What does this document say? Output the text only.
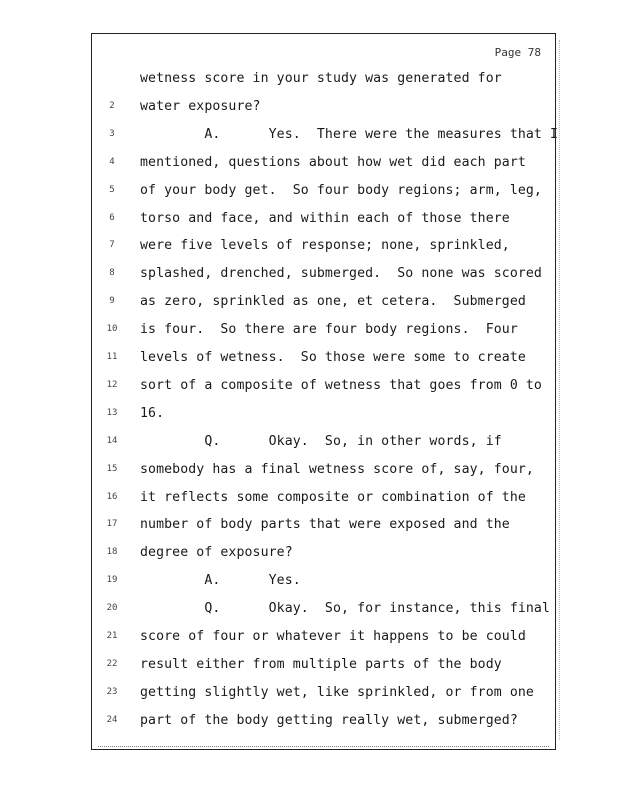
Page 78
wetness score in your study was generated for
2	water exposure?
3	A.      Yes.  There were the measures that I
4	mentioned, questions about how wet did each part
5	of your body get.  So four body regions; arm, leg,
6	torso and face, and within each of those there
7	were five levels of response; none, sprinkled,
8	splashed, drenched, submerged.  So none was scored
9	as zero, sprinkled as one, et cetera.  Submerged
10	is four.  So there are four body regions.  Four
11	levels of wetness.  So those were some to create
12	sort of a composite of wetness that goes from 0 to
13	16.
14	Q.      Okay.  So, in other words, if
15	somebody has a final wetness score of, say, four,
16	it reflects some composite or combination of the
17	number of body parts that were exposed and the
18	degree of exposure?
19	A.      Yes.
20	Q.      Okay.  So, for instance, this final
21	score of four or whatever it happens to be could
22	result either from multiple parts of the body
23	getting slightly wet, like sprinkled, or from one
24	part of the body getting really wet, submerged?
